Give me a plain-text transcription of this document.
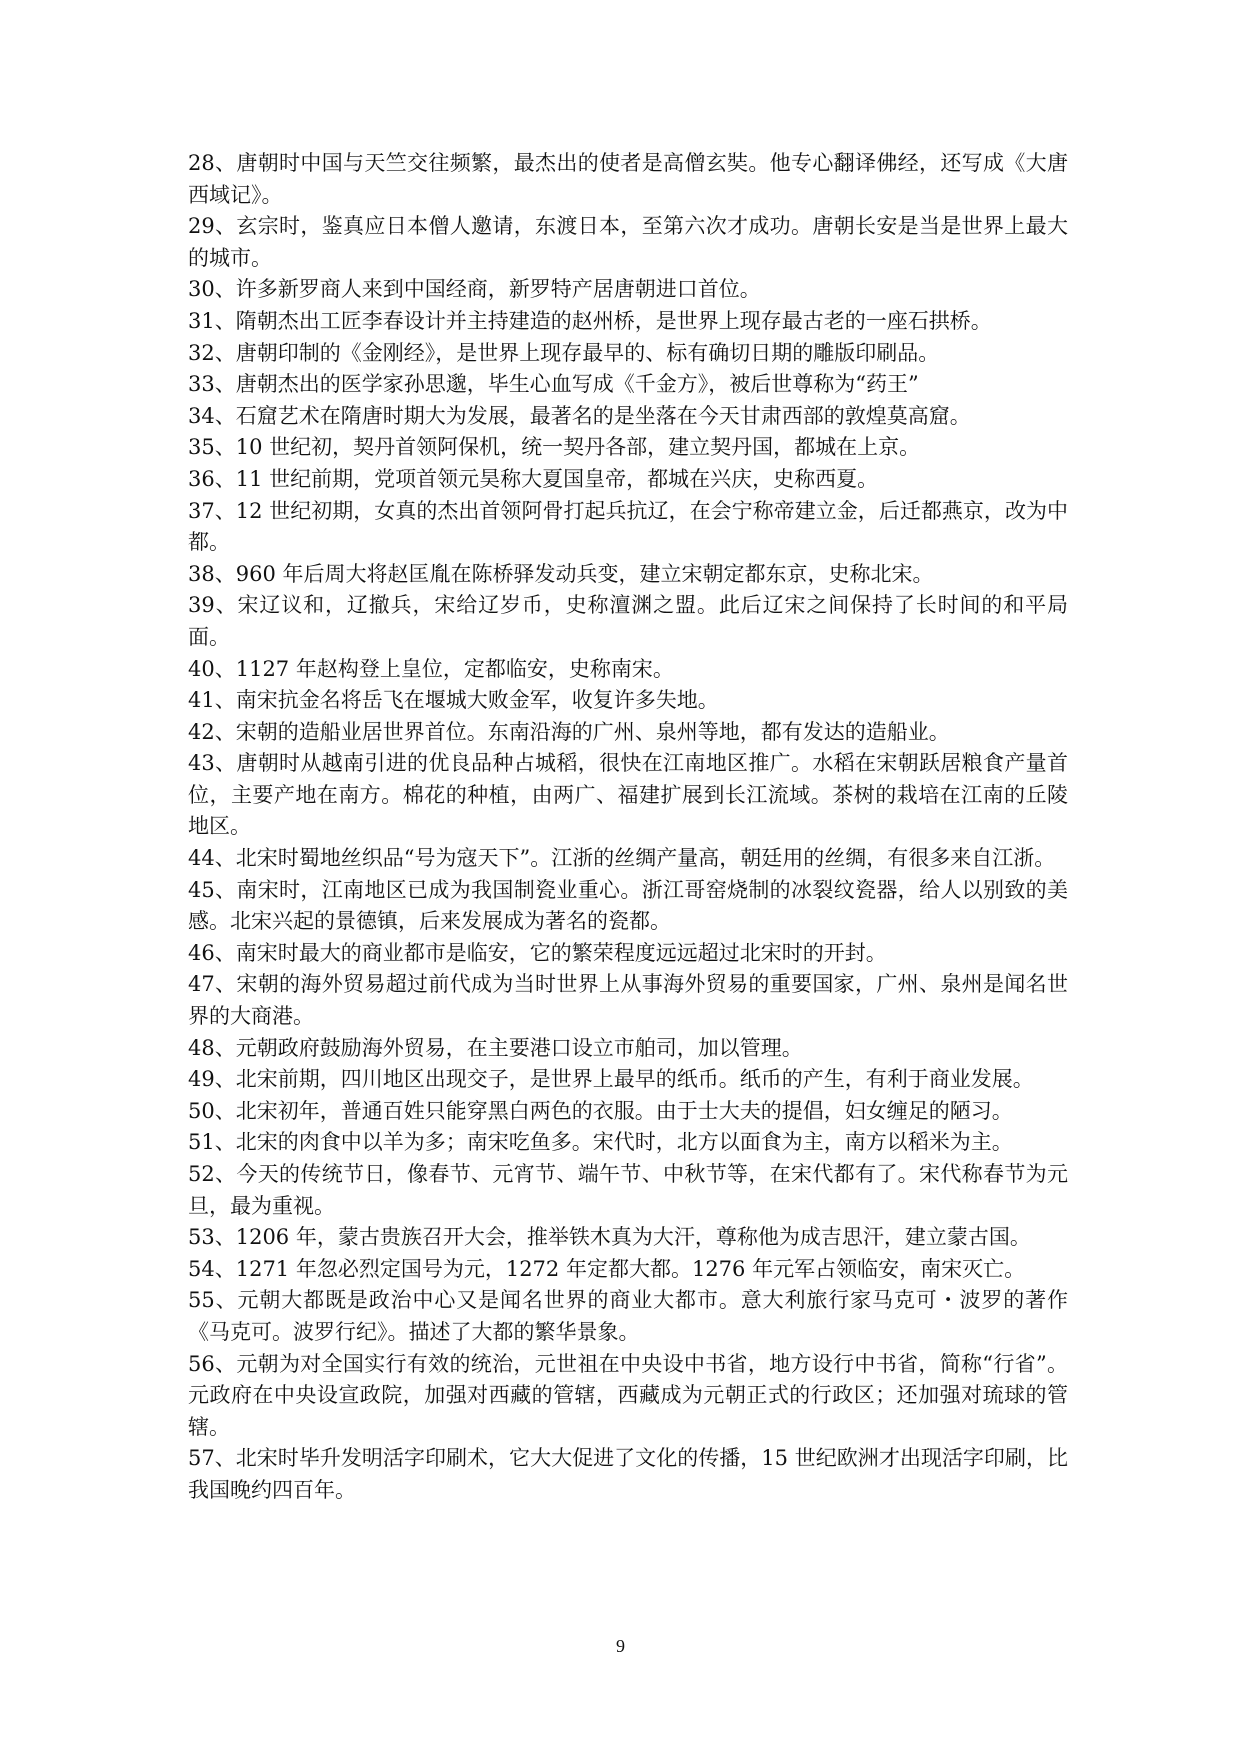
28、唐朝时中国与天竺交往频繁，最杰出的使者是高僧玄奘。他专心翻译佛经，还写成《大唐西域记》。

29、玄宗时，鉴真应日本僧人邀请，东渡日本，至第六次才成功。唐朝长安是当是世界上最大的城市。

30、许多新罗商人来到中国经商，新罗特产居唐朝进口首位。

31、隋朝杰出工匠李春设计并主持建造的赵州桥，是世界上现存最古老的一座石拱桥。

32、唐朝印制的《金刚经》，是世界上现存最早的、标有确切日期的雕版印刷品。

33、唐朝杰出的医学家孙思邈，毕生心血写成《千金方》，被后世尊称为“药王”

34、石窟艺术在隋唐时期大为发展，最著名的是坐落在今天甘肃西部的敦煌莫高窟。

35、10 世纪初，契丹首领阿保机，统一契丹各部，建立契丹国，都城在上京。

36、11 世纪前期，党项首领元昊称大夏国皇帝，都城在兴庆，史称西夏。

37、12 世纪初期，女真的杰出首领阿骨打起兵抗辽，在会宁称帝建立金，后迁都燕京，改为中都。

38、960 年后周大将赵匡胤在陈桥驿发动兵变，建立宋朝定都东京，史称北宋。

39、宋辽议和，辽撤兵，宋给辽岁币，史称澶渊之盟。此后辽宋之间保持了长时间的和平局面。

40、1127 年赵构登上皇位，定都临安，史称南宋。

41、南宋抗金名将岳飞在堰城大败金军，收复许多失地。

42、宋朝的造船业居世界首位。东南沿海的广州、泉州等地，都有发达的造船业。

43、唐朝时从越南引进的优良品种占城稻，很快在江南地区推广。水稻在宋朝跃居粮食产量首位，主要产地在南方。棉花的种植，由两广、福建扩展到长江流域。茶树的栽培在江南的丘陵地区。

44、北宋时蜀地丝织品“号为寇天下”。江浙的丝绸产量高，朝廷用的丝绸，有很多来自江浙。

45、南宋时，江南地区已成为我国制瓷业重心。浙江哥窑烧制的冰裂纹瓷器，给人以别致的美感。北宋兴起的景德镇，后来发展成为著名的瓷都。

46、南宋时最大的商业都市是临安，它的繁荣程度远远超过北宋时的开封。

47、宋朝的海外贸易超过前代成为当时世界上从事海外贸易的重要国家，广州、泉州是闻名世界的大商港。

48、元朝政府鼓励海外贸易，在主要港口设立市舶司，加以管理。

49、北宋前期，四川地区出现交子，是世界上最早的纸币。纸币的产生，有利于商业发展。

50、北宋初年，普通百姓只能穿黑白两色的衣服。由于士大夫的提倡，妇女缠足的陋习。

51、北宋的肉食中以羊为多；南宋吃鱼多。宋代时，北方以面食为主，南方以稻米为主。

52、今天的传统节日，像春节、元宵节、端午节、中秋节等，在宋代都有了。宋代称春节为元旦，最为重视。

53、1206 年，蒙古贵族召开大会，推举铁木真为大汗，尊称他为成吉思汗，建立蒙古国。

54、1271 年忽必烈定国号为元，1272 年定都大都。1276 年元军占领临安，南宋灭亡。

55、元朝大都既是政治中心又是闻名世界的商业大都市。意大利旅行家马克可・波罗的著作《马克可。波罗行纪》。描述了大都的繁华景象。

56、元朝为对全国实行有效的统治，元世祖在中央设中书省，地方设行中书省，简称“行省”。元政府在中央设宣政院，加强对西藏的管辖，西藏成为元朝正式的行政区；还加强对琉球的管辖。

57、北宋时毕升发明活字印刷术，它大大促进了文化的传播，15 世纪欧洲才出现活字印刷，比我国晚约四百年。

9
